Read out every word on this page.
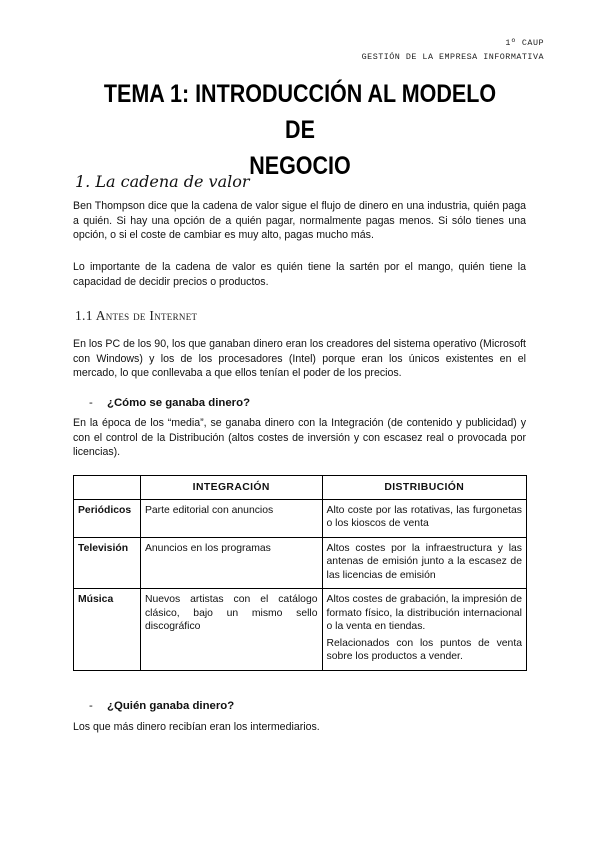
1º CAUP
GESTIÓN DE LA EMPRESA INFORMATIVA
TEMA 1: INTRODUCCIÓN AL MODELO DE
NEGOCIO
1. La cadena de valor
Ben Thompson dice que la cadena de valor sigue el flujo de dinero en una industria, quién paga a quién. Si hay una opción de a quién pagar, normalmente pagas menos. Si sólo tienes una opción, o si el coste de cambiar es muy alto, pagas mucho más.
Lo importante de la cadena de valor es quién tiene la sartén por el mango, quién tiene la capacidad de decidir precios o productos.
1.1 Antes de Internet
En los PC de los 90, los que ganaban dinero eran los creadores del sistema operativo (Microsoft con Windows) y los de los procesadores (Intel) porque eran los únicos existentes en el mercado, lo que conllevaba a que ellos tenían el poder de los precios.
- ¿Cómo se ganaba dinero?
En la época de los “media”, se ganaba dinero con la Integración (de contenido y publicidad) y con el control de la Distribución (altos costes de inversión y con escasez real o provocada por licencias).
	INTEGRACIÓN	DISTRIBUCIÓN
Periódicos	Parte editorial con anuncios	Alto coste por las rotativas, las furgonetas o los kioscos de venta
Televisión	Anuncios en los programas	Altos costes por la infraestructura y las antenas de emisión junto a la escasez de las licencias de emisión
Música	Nuevos artistas con el catálogo clásico, bajo un mismo sello discográfico	Altos costes de grabación, la impresión de formato físico, la distribución internacional o la venta en tiendas.
Relacionados con los puntos de venta sobre los productos a vender.
- ¿Quién ganaba dinero?
Los que más dinero recibían eran los intermediarios.
